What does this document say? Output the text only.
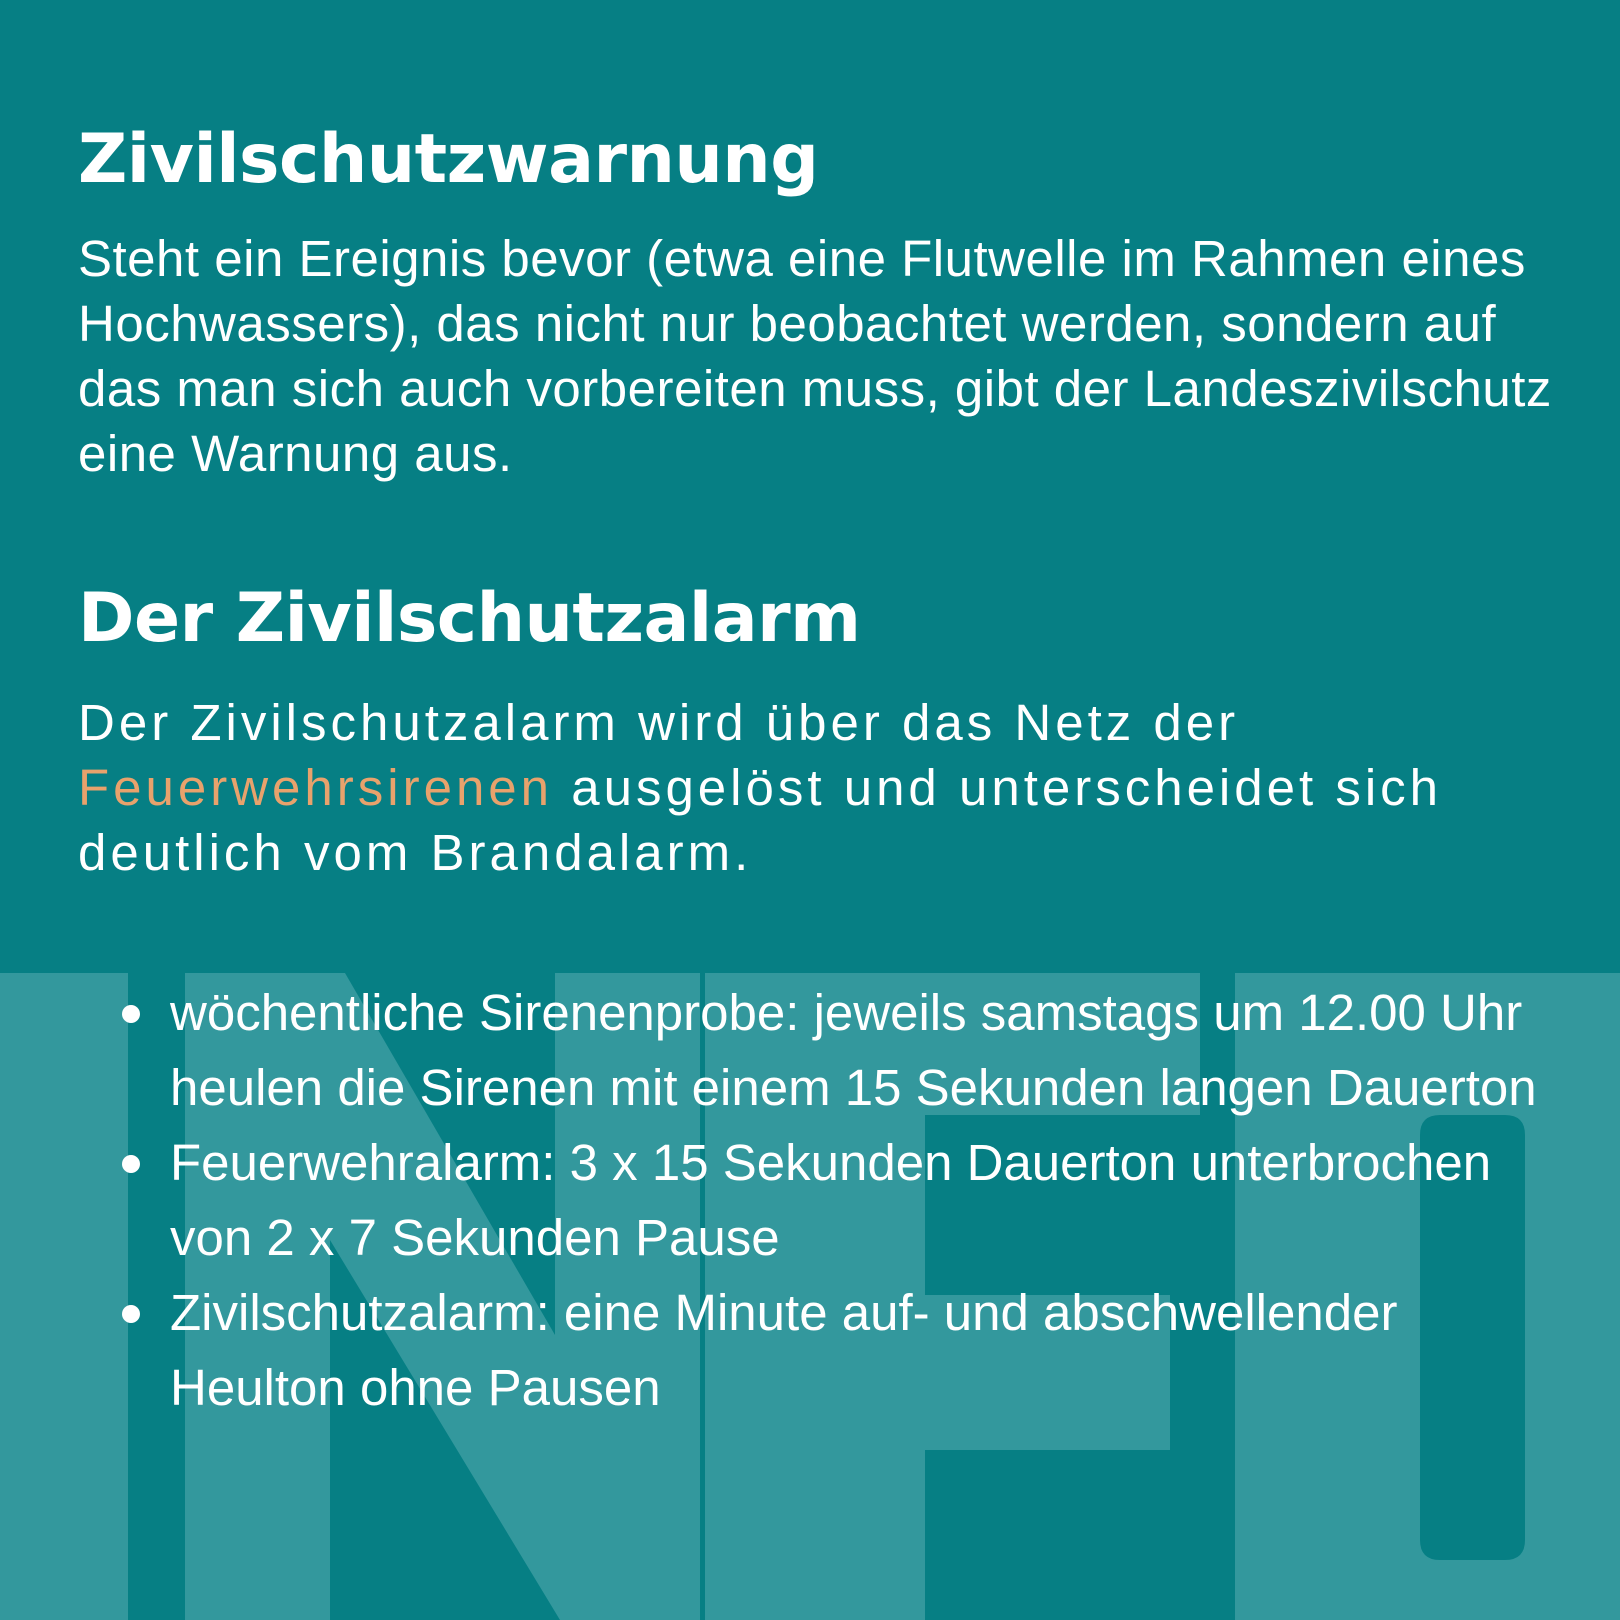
Zivilschutzwarnung

Steht ein Ereignis bevor (etwa eine Flutwelle im Rahmen eines Hochwassers), das nicht nur beobachtet werden, sondern auf das man sich auch vorbereiten muss, gibt der Landeszivilschutz eine Warnung aus.

Der Zivilschutzalarm

Der Zivilschutzalarm wird über das Netz der Feuerwehrsirenen ausgelöst und unterscheidet sich deutlich vom Brandalarm.

wöchentliche Sirenenprobe: jeweils samstags um 12.00 Uhr heulen die Sirenen mit einem 15 Sekunden langen Dauerton
Feuerwehralarm: 3 x 15 Sekunden Dauerton unterbrochen von 2 x 7 Sekunden Pause
Zivilschutzalarm: eine Minute auf- und abschwellender Heulton ohne Pausen
